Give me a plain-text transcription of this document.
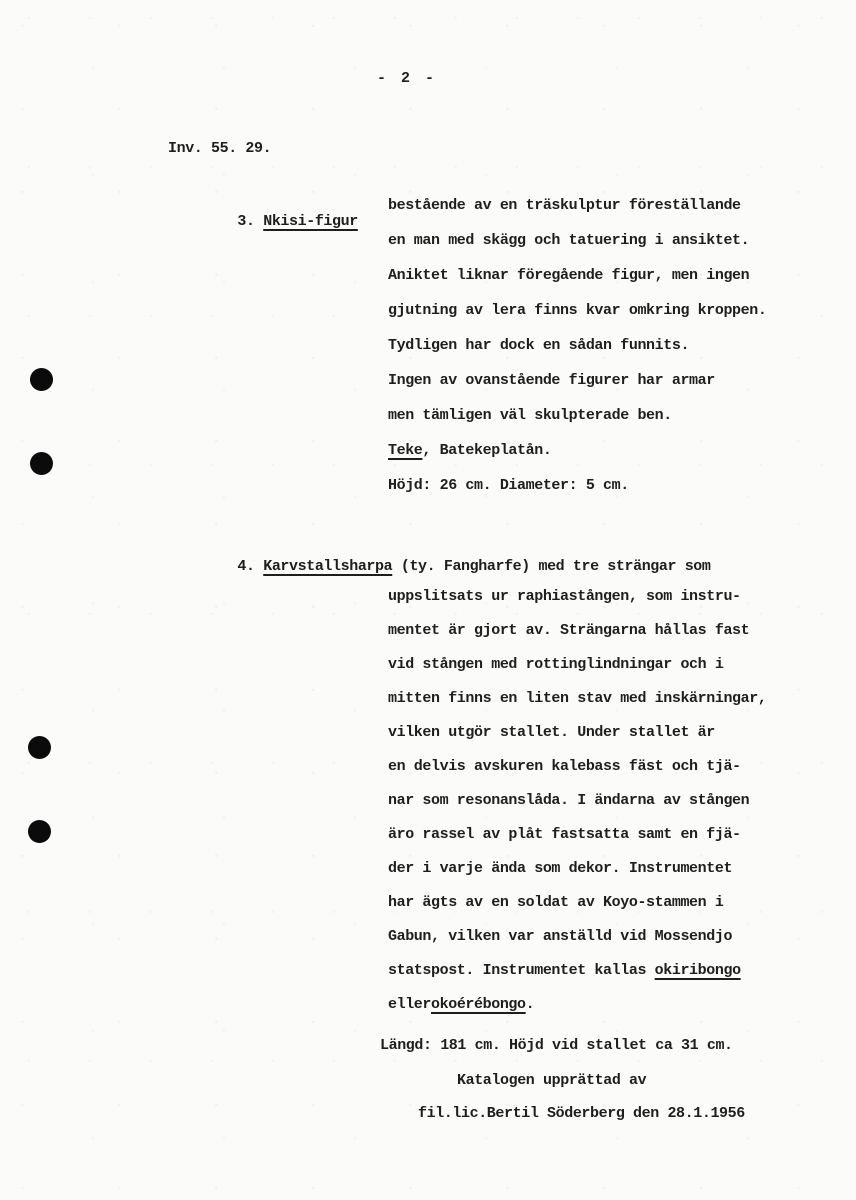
- 2 -
Inv. 55. 29.

3. Nkisi-figur

bestående av en träskulptur föreställande
en man med skägg och tatuering i ansiktet.
Aniktet liknar föregående figur, men ingen
gjutning av lera finns kvar omkring kroppen.
Tydligen har dock en sådan funnits.
Ingen av ovanstående figurer har armar
men tämligen väl skulpterade ben.
Teke, Batekeplatån.
Höjd: 26 cm. Diameter: 5 cm.

4. Karvstallsharpa (ty. Fangharfe) med tre strängar som

uppslitsats ur raphiastången, som instru-
mentet är gjort av. Strängarna hållas fast
vid stången med rottinglindningar och i
mitten finns en liten stav med inskärningar,
vilken utgör stallet. Under stallet är
en delvis avskuren kalebass fäst och tjä-
nar som resonanslåda. I ändarna av stången
äro rassel av plåt fastsatta samt en fjä-
der i varje ända som dekor. Instrumentet
har ägts av en soldat av Koyo-stammen i
Gabun, vilken var anställd vid Mossendjo
statspost. Instrumentet kallas okiribongo
ellerokoérébongo.
Längd: 181 cm. Höjd vid stallet ca 31 cm.
Katalogen upprättad av
fil.lic.Bertil Söderberg den 28.1.1956
